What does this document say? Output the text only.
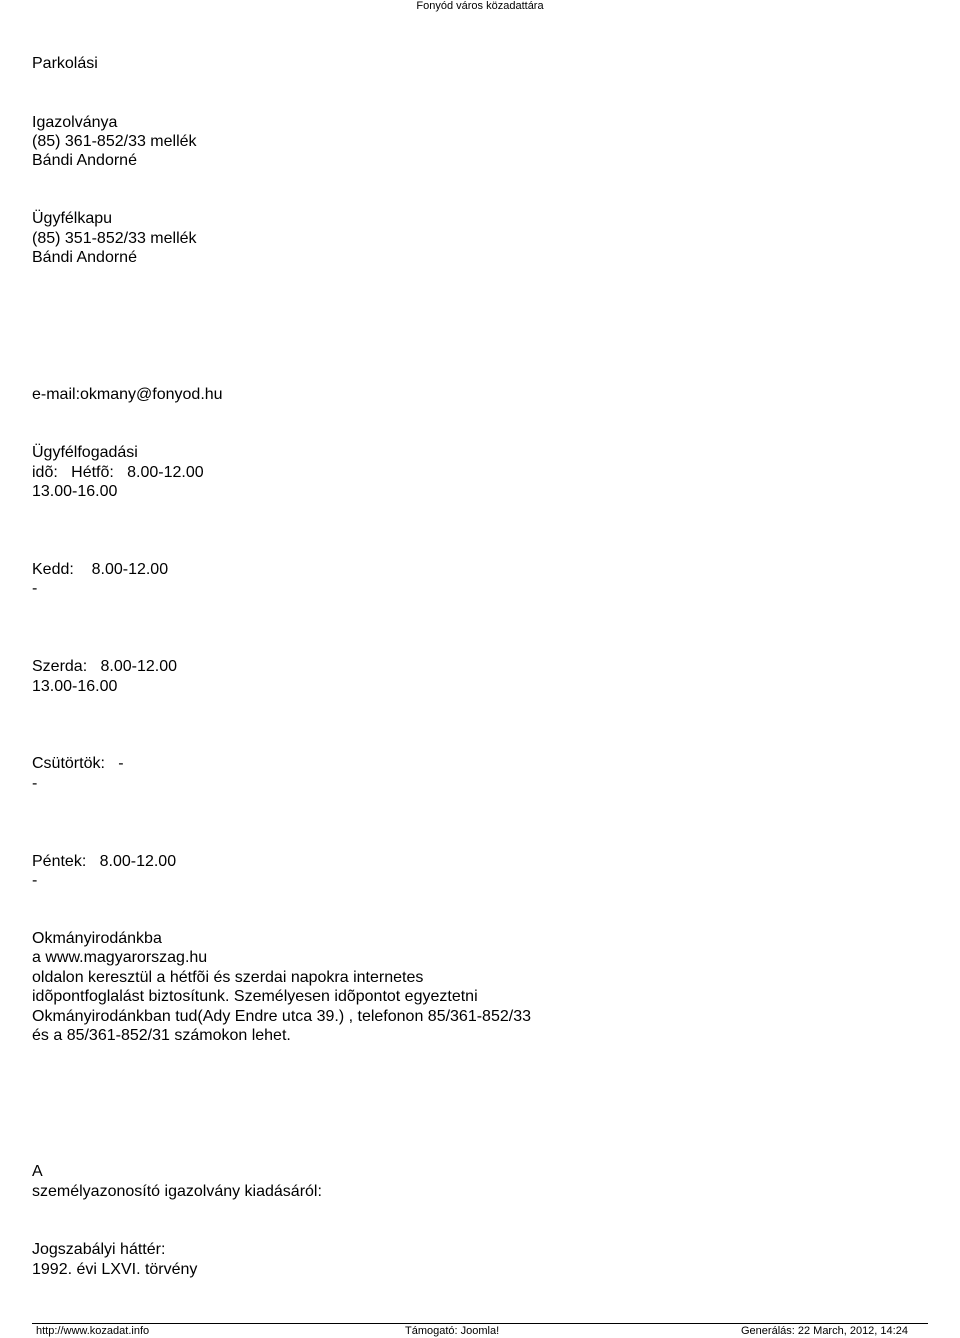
Fonyód város közadattára
Parkolási
Igazolványa
(85) 361-852/33 mellék
Bándi Andorné
Ügyfélkapu
(85) 351-852/33 mellék
Bándi Andorné
e-mail:okmany@fonyod.hu
Ügyfélfogadási
idõ:   Hétfõ:   8.00-12.00
13.00-16.00
Kedd:    8.00-12.00
-
Szerda:   8.00-12.00
13.00-16.00
Csütörtök:   -
-
Péntek:   8.00-12.00
-
Okmányirodánkba
a www.magyarorszag.hu
oldalon keresztül a hétfõi és szerdai napokra internetes
idõpontfoglalást biztosítunk. Személyesen idõpontot egyeztetni
Okmányirodánkban tud(Ady Endre utca 39.) , telefonon 85/361-852/33
és a 85/361-852/31 számokon lehet.
A
személyazonosító igazolvány kiadásáról:
Jogszabályi háttér:
1992. évi LXVI. törvény
http://www.kozadat.info	Támogató: Joomla!	Generálás: 22 March, 2012, 14:24
